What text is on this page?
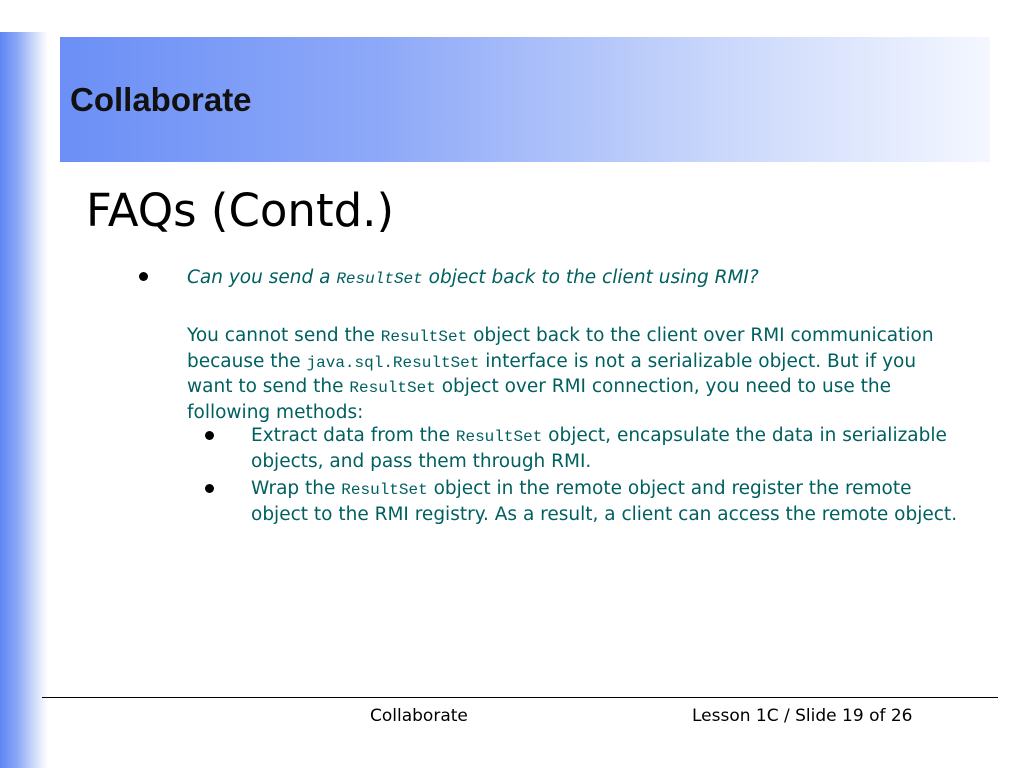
Collaborate
FAQs (Contd.)
Can you send a ResultSet object back to the client using RMI?
You cannot send the ResultSet object back to the client over RMI communication because the java.sql.ResultSet interface is not a serializable object. But if you want to send the ResultSet object over RMI connection, you need to use the following methods:
Extract data from the ResultSet object, encapsulate the data in serializable objects, and pass them through RMI.
Wrap the ResultSet object in the remote object and register the remote object to the RMI registry. As a result, a client can access the remote object.
Collaborate	Lesson 1C / Slide 19 of 26
